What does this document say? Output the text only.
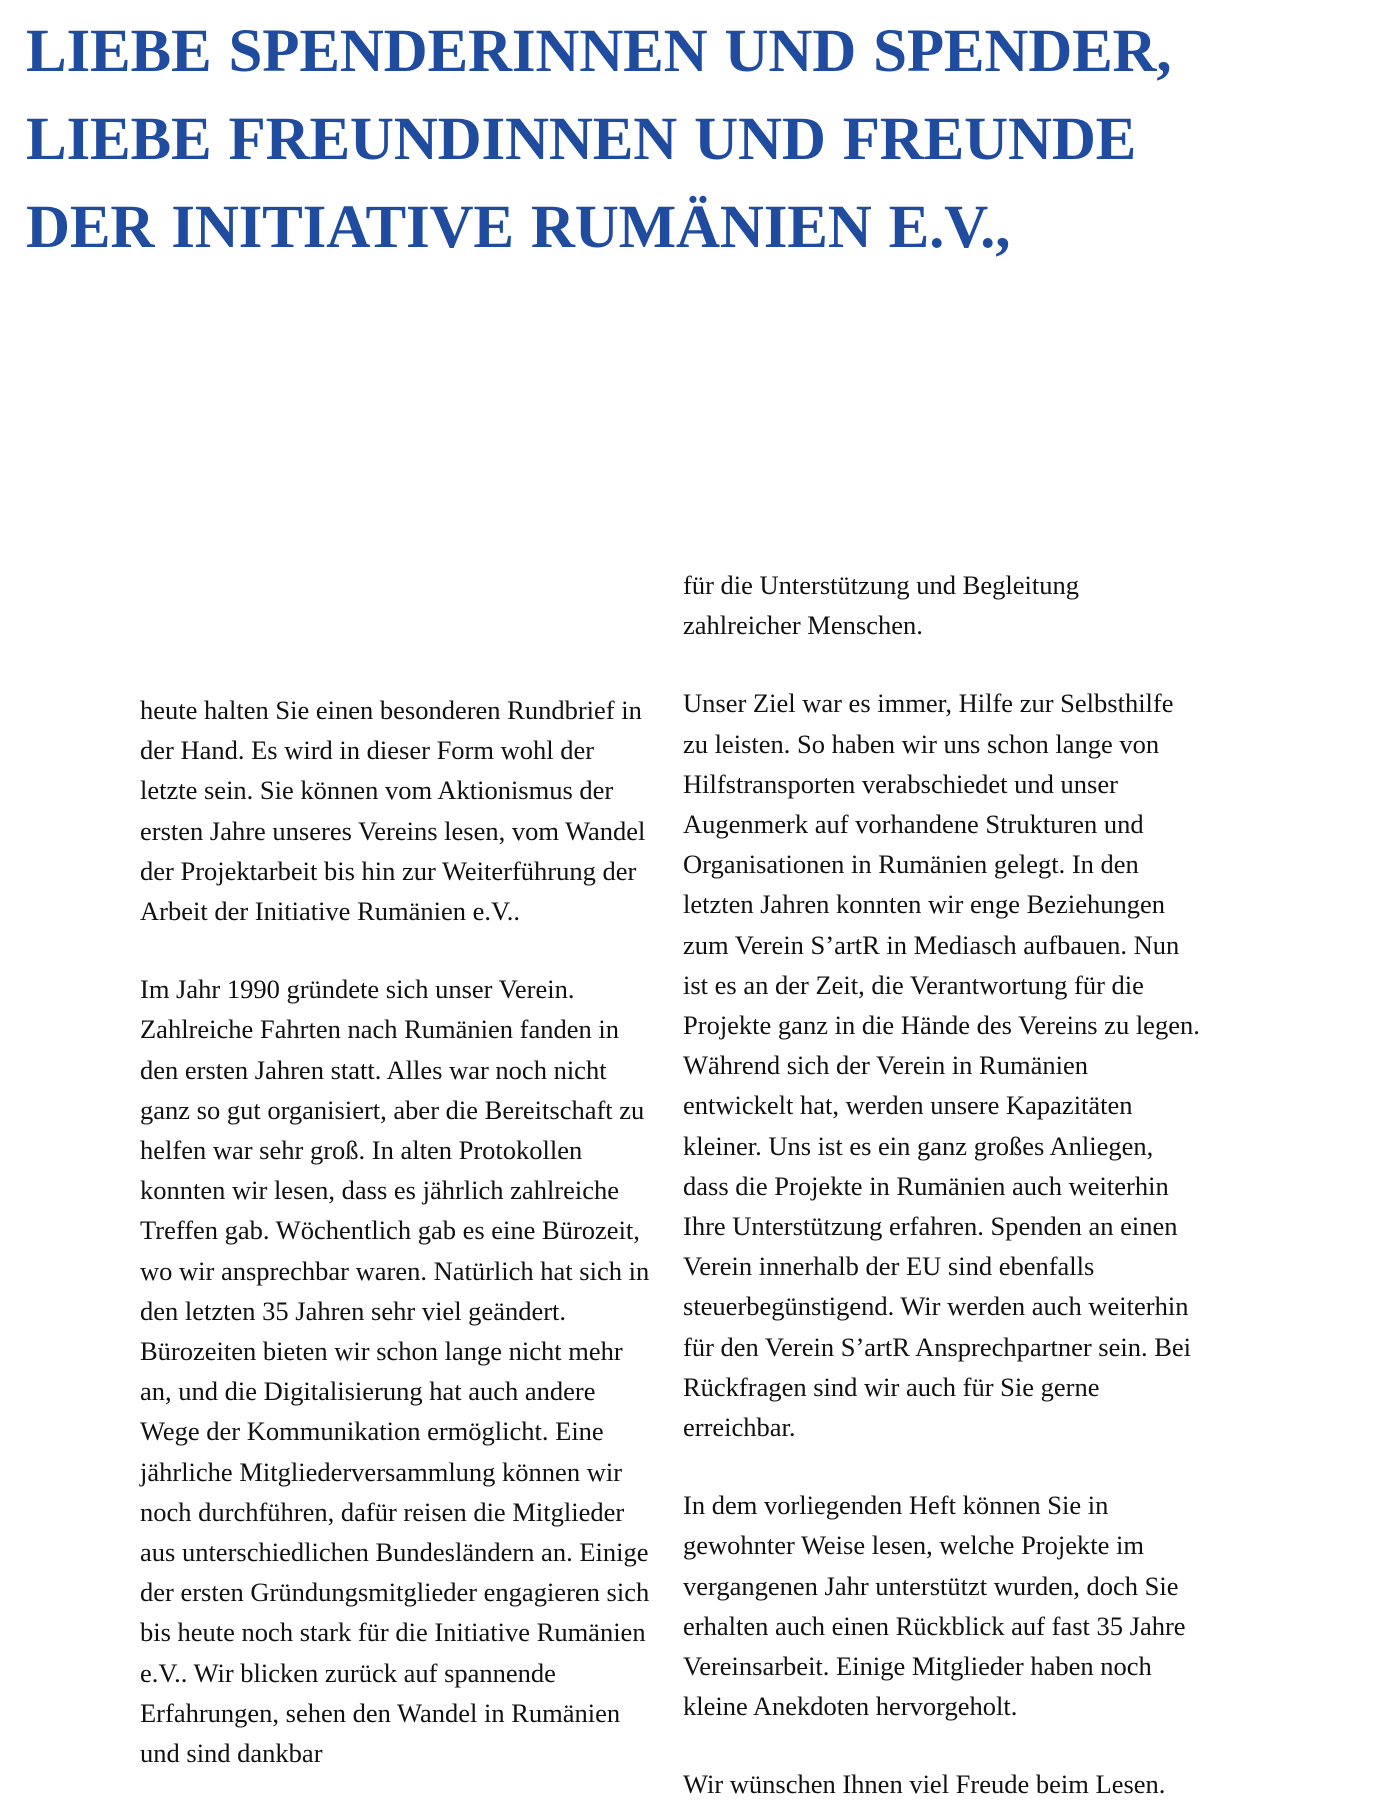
LIEBE SPENDERINNEN UND SPENDER, LIEBE FREUNDINNEN UND FREUNDE DER INITIATIVE RUMÄNIEN E.V.,

heute halten Sie einen besonderen Rundbrief in der Hand. Es wird in dieser Form wohl der letzte sein. Sie können vom Aktionismus der ersten Jahre unseres Vereins lesen, vom Wandel der Projektarbeit bis hin zur Weiterführung der Arbeit der Initiative Rumänien e.V..

Im Jahr 1990 gründete sich unser Verein. Zahlreiche Fahrten nach Rumänien fanden in den ersten Jahren statt. Alles war noch nicht ganz so gut organisiert, aber die Bereitschaft zu helfen war sehr groß. In alten Protokollen konnten wir lesen, dass es jährlich zahlreiche Treffen gab. Wöchentlich gab es eine Bürozeit, wo wir ansprechbar waren. Natürlich hat sich in den letzten 35 Jahren sehr viel geändert. Bürozeiten bieten wir schon lange nicht mehr an, und die Digitalisierung hat auch andere Wege der Kommunikation ermöglicht. Eine jährliche Mitgliederversammlung können wir noch durchführen, dafür reisen die Mitglieder aus unterschiedlichen Bundesländern an. Einige der ersten Gründungsmitglieder engagieren sich bis heute noch stark für die Initiative Rumänien e.V.. Wir blicken zurück auf spannende Erfahrungen, sehen den Wandel in Rumänien und sind dankbar

für die Unterstützung und Begleitung zahlreicher Menschen.

Unser Ziel war es immer, Hilfe zur Selbsthilfe zu leisten. So haben wir uns schon lange von Hilfstransporten verabschiedet und unser Augenmerk auf vorhandene Strukturen und Organisationen in Rumänien gelegt. In den letzten Jahren konnten wir enge Beziehungen zum Verein S’artR in Mediasch aufbauen. Nun ist es an der Zeit, die Verantwortung für die Projekte ganz in die Hände des Vereins zu legen. Während sich der Verein in Rumänien entwickelt hat, werden unsere Kapazitäten kleiner. Uns ist es ein ganz großes Anliegen, dass die Projekte in Rumänien auch weiterhin Ihre Unterstützung erfahren. Spenden an einen Verein innerhalb der EU sind ebenfalls steuerbegünstigend. Wir werden auch weiterhin für den Verein S’artR Ansprechpartner sein. Bei Rückfragen sind wir auch für Sie gerne erreichbar.

In dem vorliegenden Heft können Sie in gewohnter Weise lesen, welche Projekte im vergangenen Jahr unterstützt wurden, doch Sie erhalten auch einen Rückblick auf fast 35 Jahre Vereinsarbeit. Einige Mitglieder haben noch kleine Anekdoten hervorgeholt.

Wir wünschen Ihnen viel Freude beim Lesen.
